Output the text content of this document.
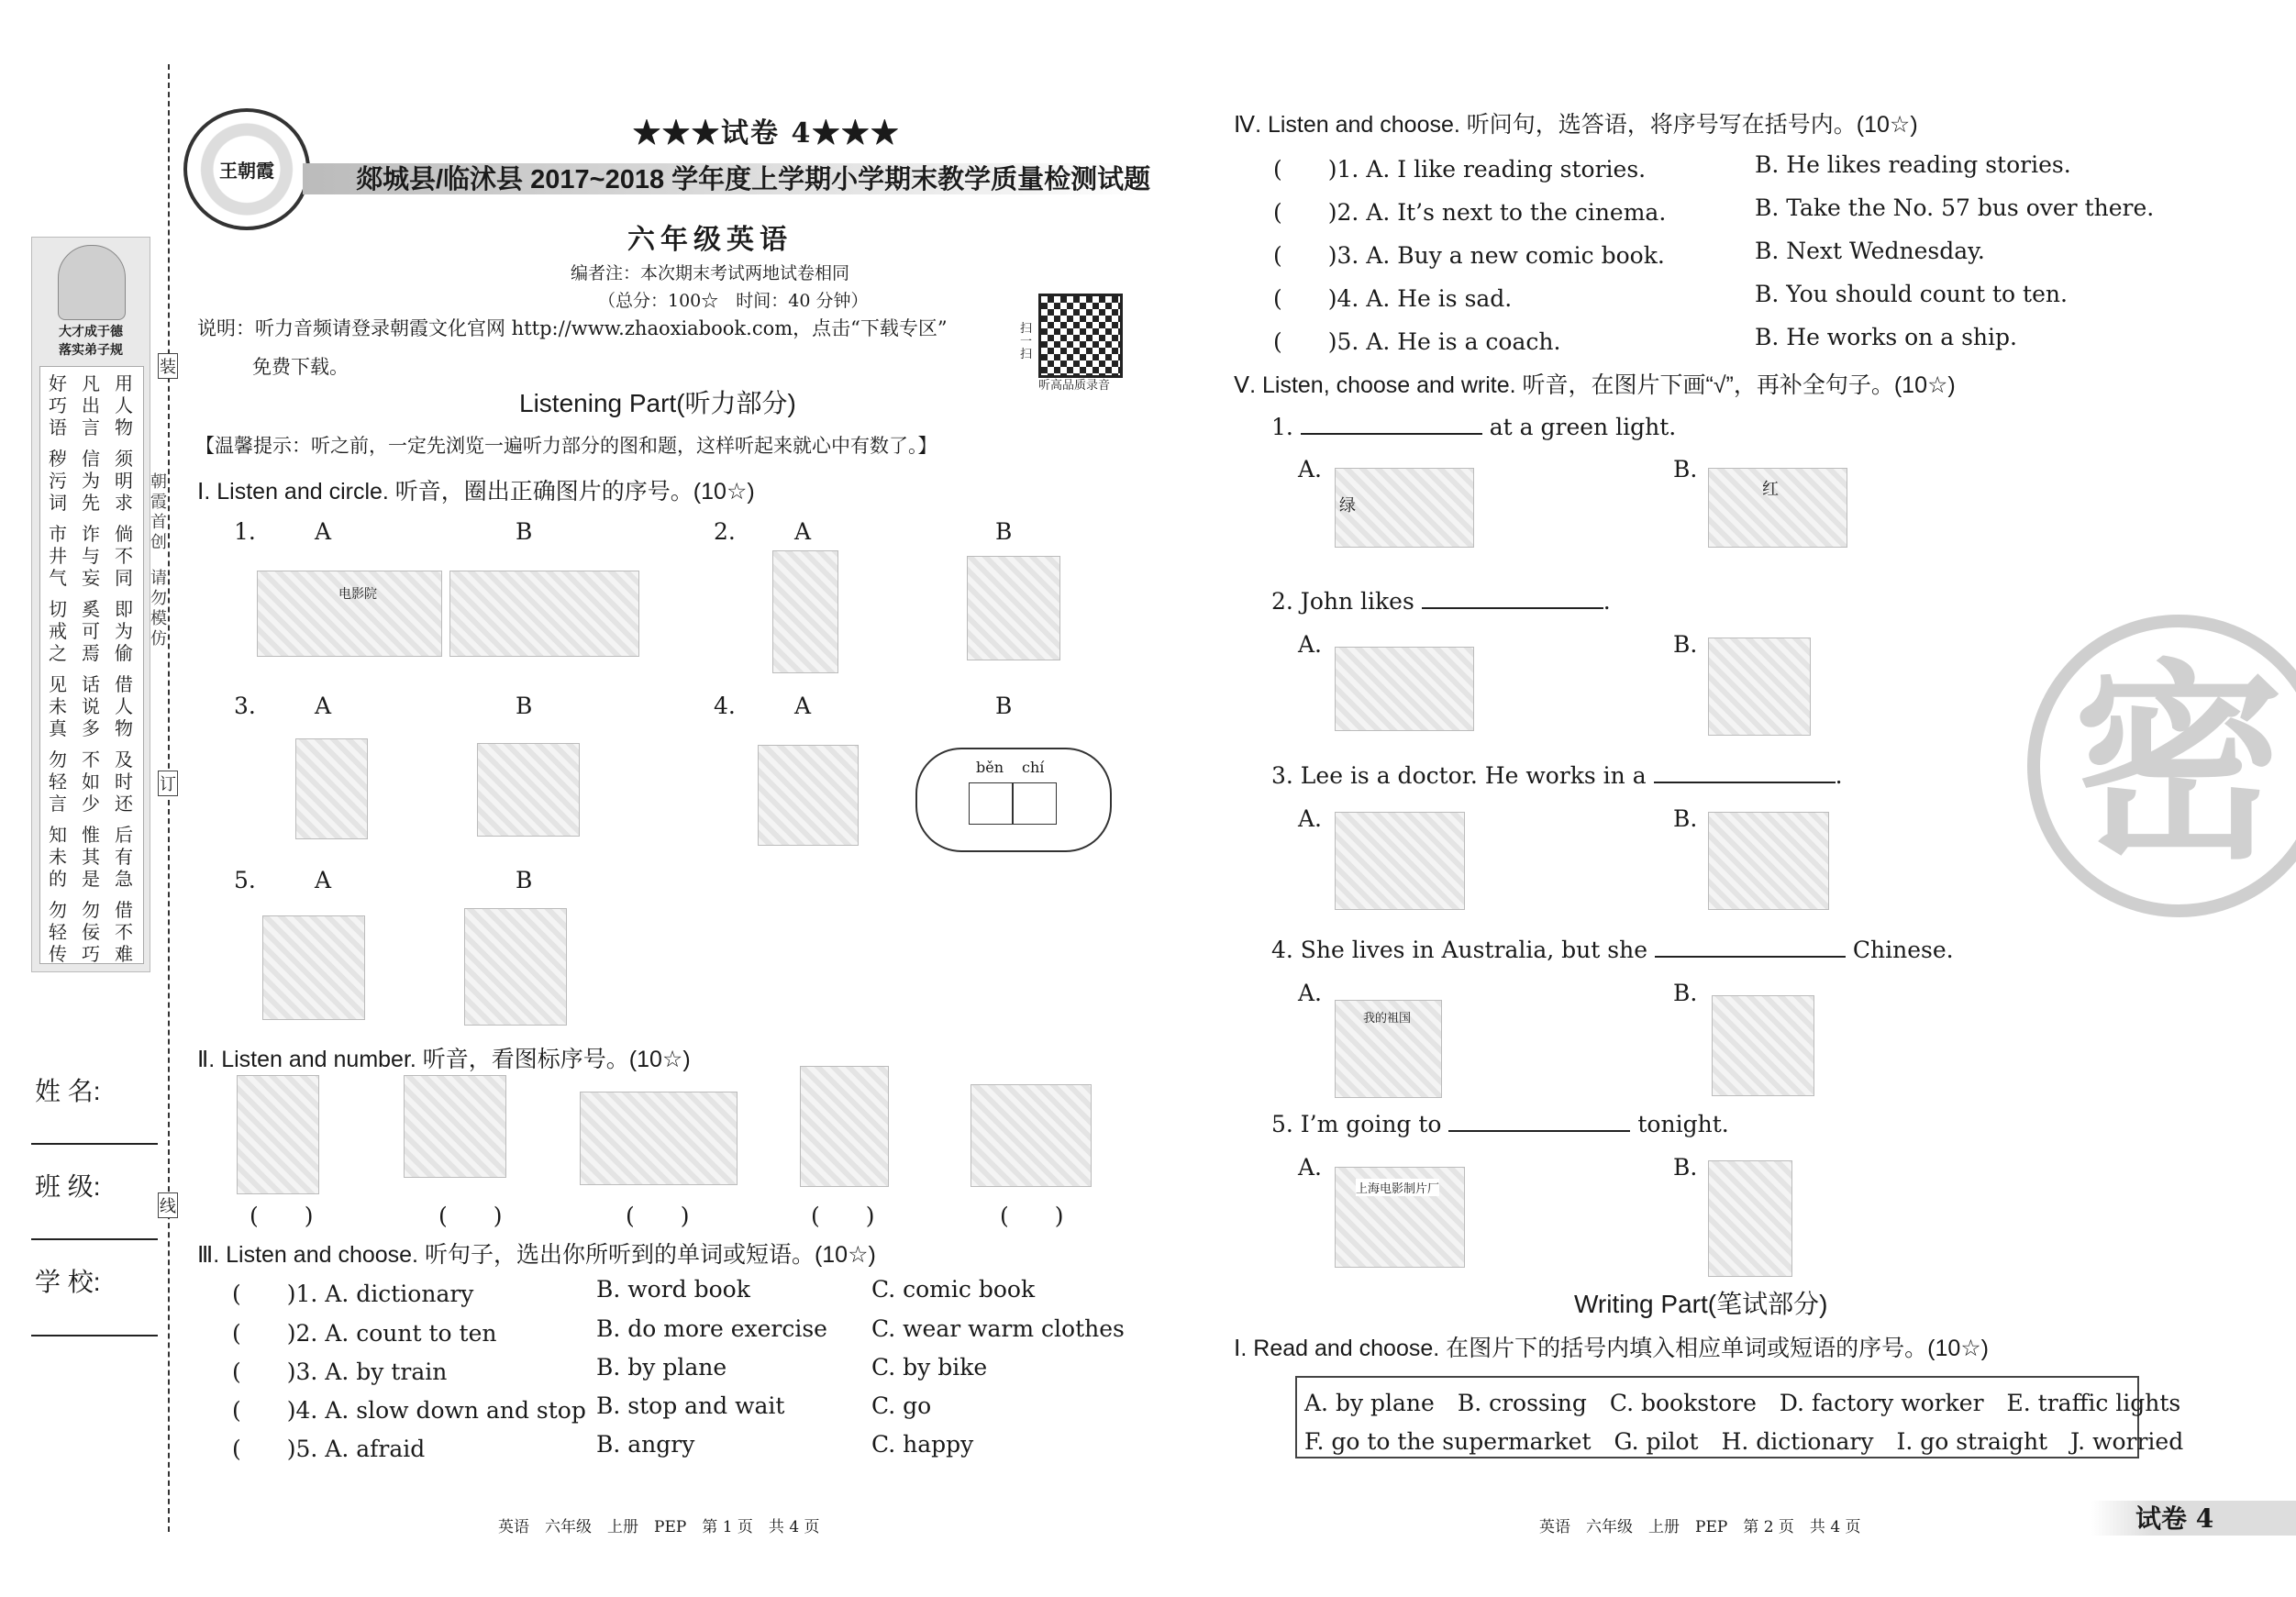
装
订
线
朝霞首创
请勿模仿
大才成于德
落实弟子规
好巧语
凡出言
用人物
秽污词
信为先
须明求
市井气
诈与妄
倘不同
切戒之
奚可焉
即为偷
见未真
话说多
借人物
勿轻言
不如少
及时还
知未的
惟其是
后有急
勿轻传
勿佞巧
借不难
姓 名:
班 级:
学 校:
王朝霞
★★★试卷 4★★★
郯城县/临沭县 2017~2018 学年度上学期小学期末教学质量检测试题
六年级英语
编者注：本次期末考试两地试卷相同
（总分：100☆　时间：40 分钟）
说明：听力音频请登录朝霞文化官网 http://www.zhaoxiabook.com，点击“下载专区”
免费下载。
扫一扫
听高品质录音
Listening Part(听力部分)
【温馨提示：听之前，一定先浏览一遍听力部分的图和题，这样听起来就心中有数了。】
Ⅰ. Listen and circle. 听音，圈出正确图片的序号。(10☆)
1.	A	B
电影院
2.	A	B
3.	A	B	4.	A	B
běn chí
5.	A	B
Ⅱ. Listen and number. 听音，看图标序号。(10☆)
(　　)	(　　)	(　　)	(　　)	(　　)
Ⅲ. Listen and choose. 听句子，选出你所听到的单词或短语。(10☆)
(　　)1. A. dictionary	B. word book	C. comic book
(　　)2. A. count to ten	B. do more exercise C. wear warm clothes
(　　)3. A. by train	B. by plane	C. by bike
(　　)4. A. slow down and stop B. stop and wait	C. go
(　　)5. A. afraid	B. angry	C. happy
英语　六年级　上册　PEP　第 1 页　共 4 页
Ⅳ. Listen and choose. 听问句，选答语，将序号写在括号内。(10☆)
(　　)1. A. I like reading stories.	B. He likes reading stories.
(　　)2. A. It’s next to the cinema.	B. Take the No. 57 bus over there.
(　　)3. A. Buy a new comic book.	B. Next Wednesday.
(　　)4. A. He is sad.	B. You should count to ten.
(　　)5. A. He is a coach.	B. He works on a ship.
Ⅴ. Listen, choose and write. 听音，在图片下画“√”，再补全句子。(10☆)
1.	at a green light.
A.	B.
绿
红
2. John likes	.
A.	B.
3. Lee is a doctor. He works in a	.
A.	B.
4. She lives in Australia, but she	Chinese.
A.	B.
我的祖国
5. I’m going to	tonight.
A.	B.
上海电影制片厂
Writing Part(笔试部分)
Ⅰ. Read and choose. 在图片下的括号内填入相应单词或短语的序号。(10☆)
A. by plane　B. crossing　C. bookstore　D. factory worker　E. traffic lights
F. go to the supermarket　G. pilot　H. dictionary　I. go straight　J. worried
英语　六年级　上册　PEP　第 2 页　共 4 页	试卷 4
密
